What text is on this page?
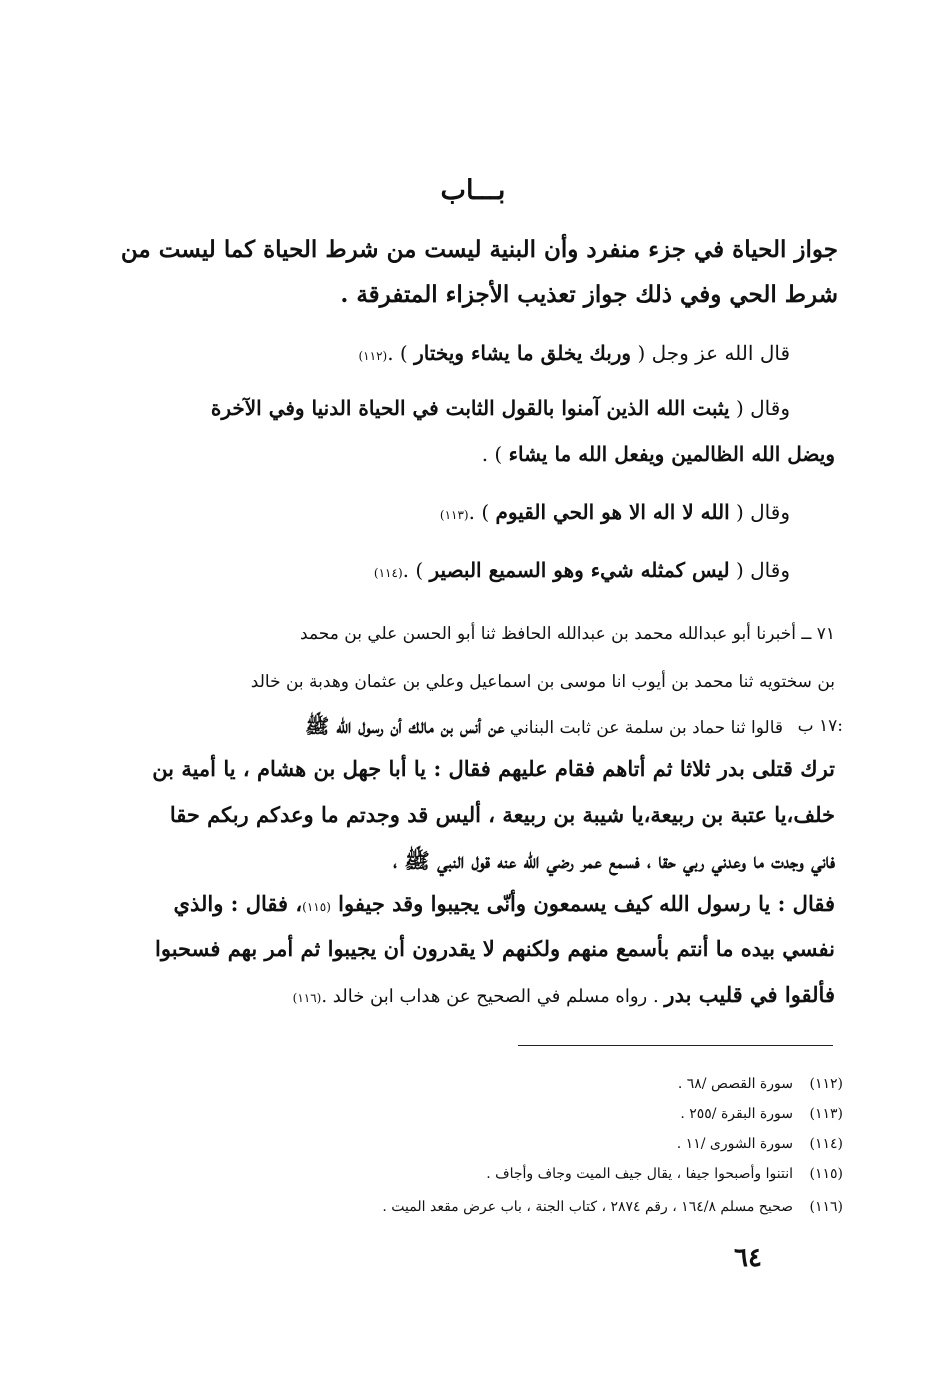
بـــاب
جواز الحياة في جزء منفرد وأن البنية ليست من شرط الحياة كما ليست من
شرط الحي وفي ذلك جواز تعذيب الأجزاء المتفرقة .
قال الله عز وجل ( وربك يخلق ما يشاء ويختار ) .(١١٢)
وقال ( يثبت الله الذين آمنوا بالقول الثابت في الحياة الدنيا وفي الآخرة
ويضل الله الظالمين ويفعل الله ما يشاء ) .
وقال ( الله لا اله الا هو الحي القيوم ) .(١١٣)
وقال ( ليس كمثله شيء وهو السميع البصير ) .(١١٤)
٧١ ــ أخبرنا أبو عبدالله محمد بن عبدالله الحافظ ثنا أبو الحسن علي بن محمد
بن سختويه ثنا محمد بن أيوب انا موسى بن اسماعيل وعلي بن عثمان وهدبة بن خالد
قالوا ثنا حماد بن سلمة عن ثابت البناني عن أنس بن مالك أن رسول الله ﷺ	:١٧ ب
ترك قتلى بدر ثلاثا ثم أتاهم فقام عليهم فقال : يا أبا جهل بن هشام ، يا أمية بن
خلف،يا عتبة بن ربيعة،يا شيبة بن ربيعة ، أليس قد وجدتم ما وعدكم ربكم حقا
فاني وجدت ما وعدني ربي حقا ، فسمع عمر رضي الله عنه قول النبي ﷺ ،
فقال : يا رسول الله كيف يسمعون وأنّى يجيبوا وقد جيفوا (١١٥)، فقال : والذي
نفسي بيده ما أنتم بأسمع منهم ولكنهم لا يقدرون أن يجيبوا ثم أمر بهم فسحبوا
فألقوا في قليب بدر . رواه مسلم في الصحيح عن هداب ابن خالد .(١١٦)
(١١٢)سورة القصص /٦٨ .
(١١٣)سورة البقرة /٢٥٥ .
(١١٤)سورة الشورى /١١ .
(١١٥)انتنوا وأصبحوا جيفا ، يقال جيف الميت وجاف وأجاف .
(١١٦)صحيح مسلم ١٦٤/٨ ، رقم ٢٨٧٤ ، كتاب الجنة ، باب عرض مقعد الميت .
٦٤
